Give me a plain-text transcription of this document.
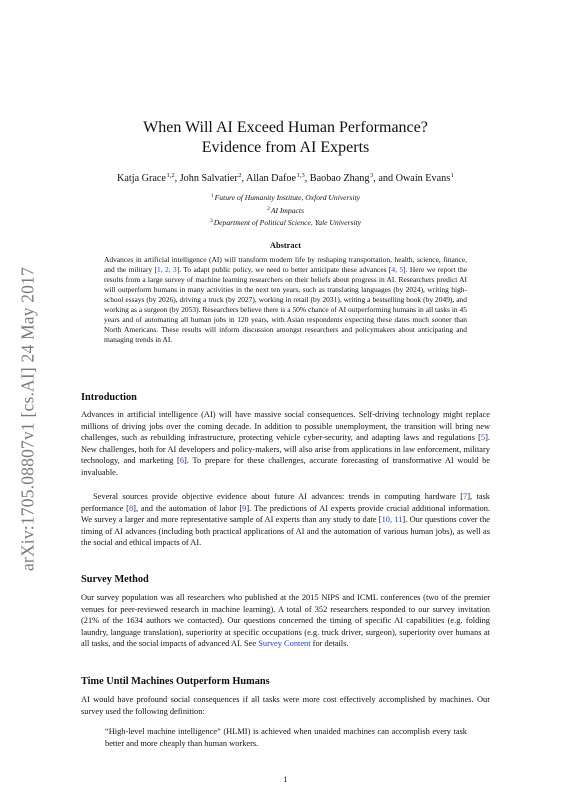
arXiv:1705.08807v1 [cs.AI] 24 May 2017
When Will AI Exceed Human Performance?
Evidence from AI Experts
Katja Grace$^{1,2}$, John Salvatier$^2$, Allan Dafoe$^{1,3}$, Baobao Zhang$^3$, and Owain Evans$^1$
$^1$Future of Humanity Institute, Oxford University
$^2$AI Impacts
$^3$Department of Political Science, Yale University
Abstract
Advances in artificial intelligence (AI) will transform modern life by reshaping transportation, health, science, finance, and the military [1, 2, 3]. To adapt public policy, we need to better anticipate these advances [4, 5]. Here we report the results from a large survey of machine learning researchers on their beliefs about progress in AI. Researchers predict AI will outperform humans in many activities in the next ten years, such as translating languages (by 2024), writing high-school essays (by 2026), driving a truck (by 2027), working in retail (by 2031), writing a bestselling book (by 2049), and working as a surgeon (by 2053). Researchers believe there is a 50% chance of AI outperforming humans in all tasks in 45 years and of automating all human jobs in 120 years, with Asian respondents expecting these dates much sooner than North Americans. These results will inform discussion amongst researchers and policymakers about anticipating and managing trends in AI.
Introduction

Advances in artificial intelligence (AI) will have massive social consequences. Self-driving technology might replace millions of driving jobs over the coming decade. In addition to possible unemployment, the transition will bring new challenges, such as rebuilding infrastructure, protecting vehicle cyber-security, and adapting laws and regulations [5]. New challenges, both for AI developers and policy-makers, will also arise from applications in law enforcement, military technology, and marketing [6]. To prepare for these challenges, accurate forecasting of transformative AI would be invaluable.

Several sources provide objective evidence about future AI advances: trends in computing hardware [7], task performance [8], and the automation of labor [9]. The predictions of AI experts provide crucial additional information. We survey a larger and more representative sample of AI experts than any study to date [10, 11]. Our questions cover the timing of AI advances (including both practical applications of AI and the automation of various human jobs), as well as the social and ethical impacts of AI.

Survey Method

Our survey population was all researchers who published at the 2015 NIPS and ICML conferences (two of the premier venues for peer-reviewed research in machine learning). A total of 352 researchers responded to our survey invitation (21% of the 1634 authors we contacted). Our questions concerned the timing of specific AI capabilities (e.g. folding laundry, language translation), superiority at specific occupations (e.g. truck driver, surgeon), superiority over humans at all tasks, and the social impacts of advanced AI. See Survey Content for details.

Time Until Machines Outperform Humans

AI would have profound social consequences if all tasks were more cost effectively accomplished by machines. Our survey used the following definition:

“High-level machine intelligence” (HLMI) is achieved when unaided machines can accomplish every task better and more cheaply than human workers.
1
